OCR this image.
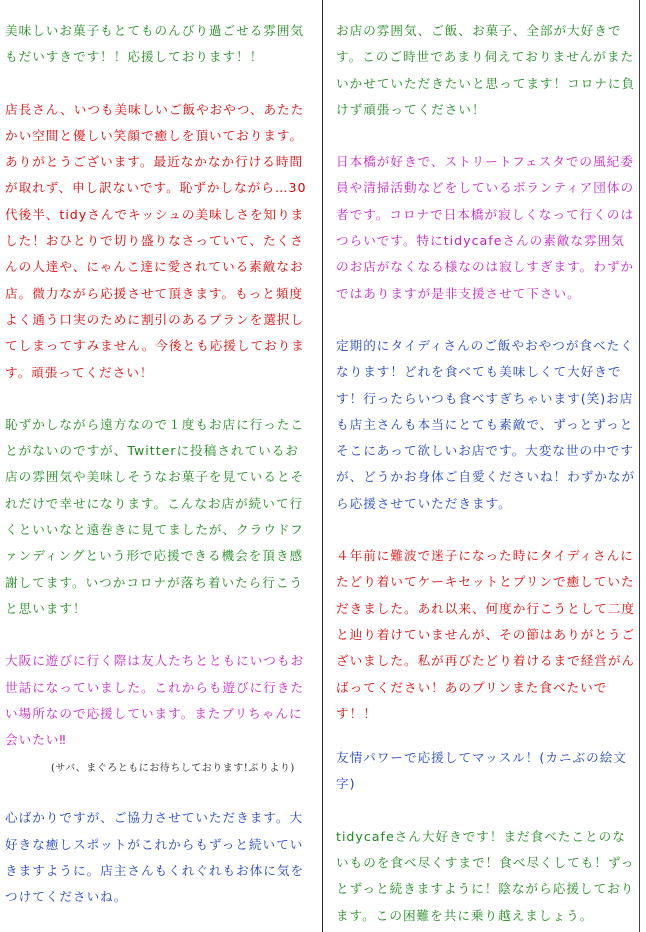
美味しいお菓子もとてものんびり過ごせる雰囲気もだいすきです！！応援しております！！

店長さん、いつも美味しいご飯やおやつ、あたたかい空間と優しい笑顔で癒しを頂いております。ありがとうございます。最近なかなか行ける時間が取れず、申し訳ないです。恥ずかしながら…30代後半、tidyさんでキッシュの美味しさを知りました！おひとりで切り盛りなさっていて、たくさんの人達や、にゃんこ達に愛されている素敵なお店。微力ながら応援させて頂きます。もっと頻度よく通う口実のために割引のあるプランを選択してしまってすみません。今後とも応援しております。頑張ってください！

恥ずかしながら遠方なので１度もお店に行ったことがないのですが、Twitterに投稿されているお店の雰囲気や美味しそうなお菓子を見ているとそれだけで幸せになります。こんなお店が続いて行くといいなと遠巻きに見てましたが、クラウドファンディングという形で応援できる機会を頂き感謝してます。いつかコロナが落ち着いたら行こうと思います！

大阪に遊びに行く際は友人たちとともにいつもお世話になっていました。これからも遊びに行きたい場所なので応援しています。またブリちゃんに会いたい‼

(サバ、まぐろともにお待ちしております!ぶりより)

心ばかりですが、ご協力させていただきます。大好きな癒しスポットがこれからもずっと続いていきますように。店主さんもくれぐれもお体に気をつけてくださいね。

お店の雰囲気、ご飯、お菓子、全部が大好きです。このご時世であまり伺えておりませんがまたいかせていただきたいと思ってます！コロナに負けず頑張ってください！

日本橋が好きで、ストリートフェスタでの風紀委員や清掃活動などをしているボランティア団体の者です。コロナで日本橋が寂しくなって行くのはつらいです。特にtidycafeさんの素敵な雰囲気のお店がなくなる様なのは寂しすぎます。わずかではありますが是非支援させて下さい。

定期的にタイディさんのご飯やおやつが食べたくなります！どれを食べても美味しくて大好きです！行ったらいつも食べすぎちゃいます(笑)お店も店主さんも本当にとても素敵で、ずっとずっとそこにあって欲しいお店です。大変な世の中ですが、どうかお身体ご自愛くださいね！わずかながら応援させていただきます。

４年前に難波で迷子になった時にタイディさんにたどり着いてケーキセットとプリンで癒していただきました。あれ以来、何度か行こうとして二度と辿り着けていませんが、その節はありがとうございました。私が再びたどり着けるまで経営がんばってください！あのプリンまた食べたいです！！

友情パワーで応援してマッスル！(カニぶの絵文字)

tidycafeさん大好きです！まだ食べたことのないものを食べ尽くすまで！食べ尽くしても！ずっとずっと続きますように！陰ながら応援しております。この困難を共に乗り越えましょう。
